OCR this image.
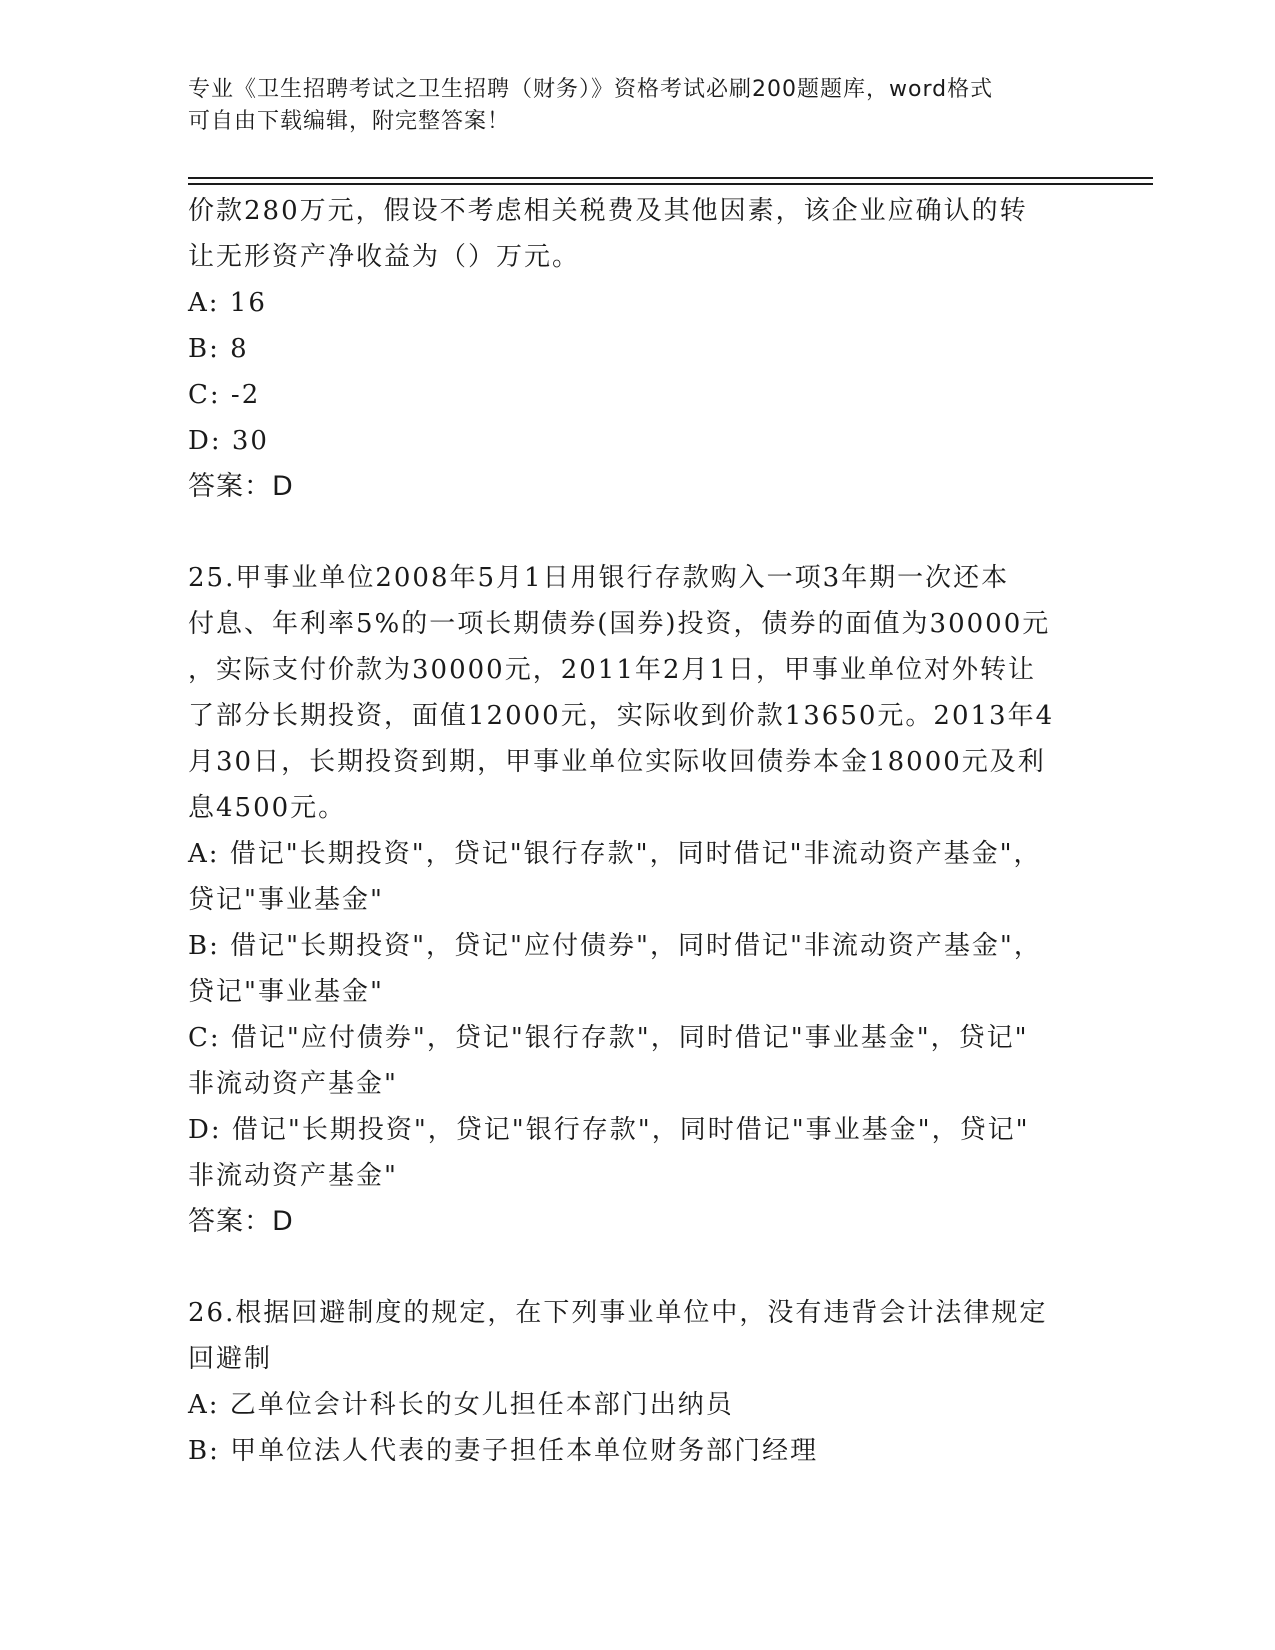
专业《卫生招聘考试之卫生招聘（财务）》资格考试必刷200题题库，word格式
可自由下载编辑，附完整答案！
价款280万元，假设不考虑相关税费及其他因素，该企业应确认的转
让无形资产净收益为（）万元。
A: 16
B: 8
C: -2
D: 30
答案：D
25.甲事业单位2008年5月1日用银行存款购入一项3年期一次还本
付息、年利率5%的一项长期债券(国券)投资，债券的面值为30000元
，实际支付价款为30000元，2011年2月1日，甲事业单位对外转让
了部分长期投资，面值12000元，实际收到价款13650元。2013年4
月30日，长期投资到期，甲事业单位实际收回债券本金18000元及利
息4500元。
A: 借记"长期投资"，贷记"银行存款"，同时借记"非流动资产基金"，
贷记"事业基金"
B: 借记"长期投资"，贷记"应付债券"，同时借记"非流动资产基金"，
贷记"事业基金"
C: 借记"应付债券"，贷记"银行存款"，同时借记"事业基金"，贷记"
非流动资产基金"
D: 借记"长期投资"，贷记"银行存款"，同时借记"事业基金"，贷记"
非流动资产基金"
答案：D
26.根据回避制度的规定，在下列事业单位中，没有违背会计法律规定
回避制
A: 乙单位会计科长的女儿担任本部门出纳员
B: 甲单位法人代表的妻子担任本单位财务部门经理
